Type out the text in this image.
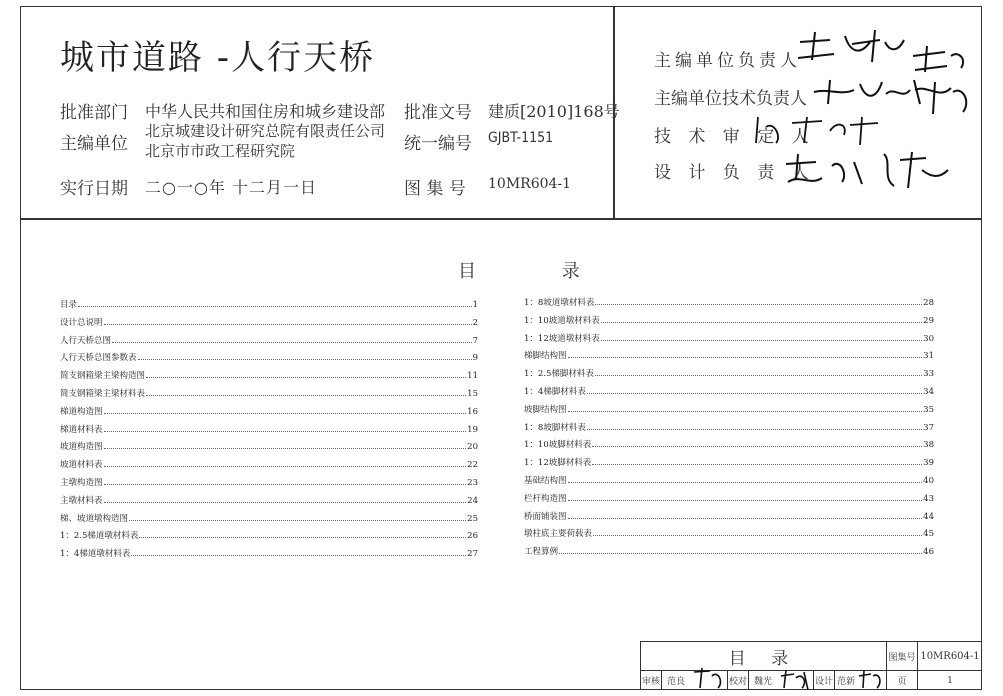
城市道路 -人行天桥
批准部门 中华人民共和国住房和城乡建设部 批准文号 建质[2010]168号
主编单位
北京城建设计研究总院有限责任公司
北京市市政工程研究院	统一编号 GJBT-1151
实行日期 二○一○年 十二月一日	图 集 号 10MR604-1
主编单位负责人
主编单位技术负责人
技 术 审 定 人
设 计 负 责 人
目 录
目录	1
设计总说明	2
人行天桥总图	7
人行天桥总图参数表	9
简支钢箱梁主梁构造图	11
简支钢箱梁主梁材料表	15
梯道构造图	16
梯道材料表	19
坡道构造图	20
坡道材料表	22
主墩构造图	23
主墩材料表	24
梯、坡道墩构造图	25
1：2.5梯道墩材料表	26
1：4梯道墩材料表	27
1：8坡道墩材料表	28
1：10坡道墩材料表	29
1：12坡道墩材料表	30
梯脚结构图	31
1：2.5梯脚材料表	33
1：4梯脚材料表	34
坡脚结构图	35
1：8坡脚材料表	37
1：10坡脚材料表	38
1：12坡脚材料表	39
基础结构图	40
栏杆构造图	43
桥面铺装图	44
墩柱底主要荷载表	45
工程算例	46
目 录	图集号 10MR604-1
审核 范良	校对 魏光	设计 范新	页	1
